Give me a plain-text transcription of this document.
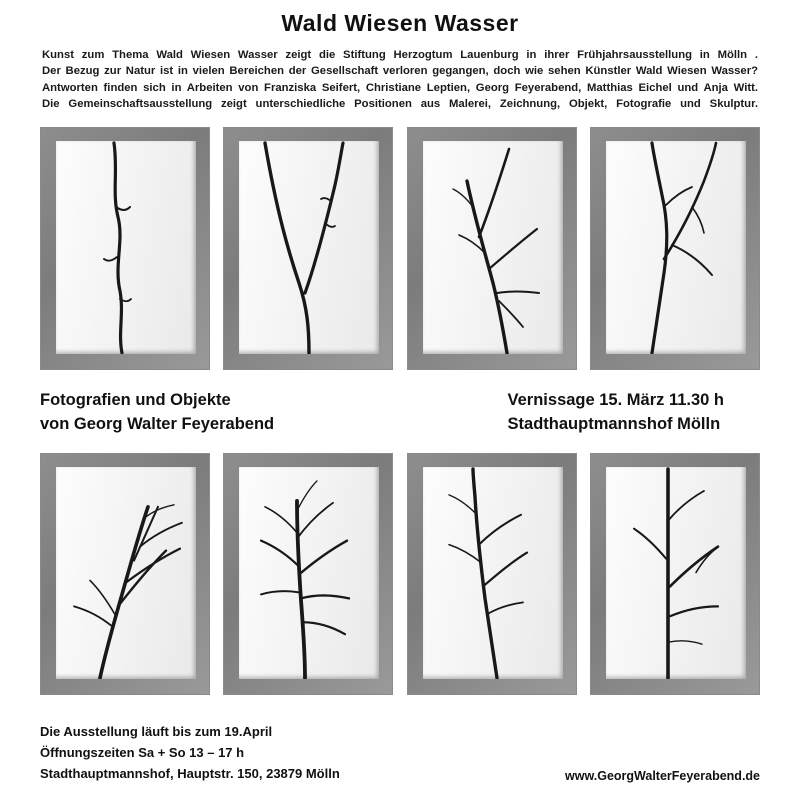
Wald Wiesen Wasser

Kunst zum Thema Wald Wiesen Wasser zeigt die Stiftung Herzogtum Lauenburg in ihrer Frühjahrsausstellung in Mölln .

Der Bezug zur Natur ist in vielen Bereichen der Gesellschaft verloren gegangen, doch wie sehen Künstler Wald Wiesen Wasser?

Antworten finden sich in Arbeiten von Franziska Seifert, Christiane Leptien, Georg Feyerabend, Matthias Eichel und Anja Witt.

Die Gemeinschaftsausstellung zeigt unterschiedliche Positionen aus Malerei, Zeichnung, Objekt, Fotografie und Skulptur.

Fotografien und Objekte
von Georg Walter Feyerabend
Vernissage 15. März 11.30 h
Stadthauptmannshof Mölln
Die Ausstellung läuft bis zum 19.April
Öffnungszeiten Sa + So 13 – 17 h
Stadthauptmannshof, Hauptstr. 150, 23879 Mölln	www.GeorgWalterFeyerabend.de
